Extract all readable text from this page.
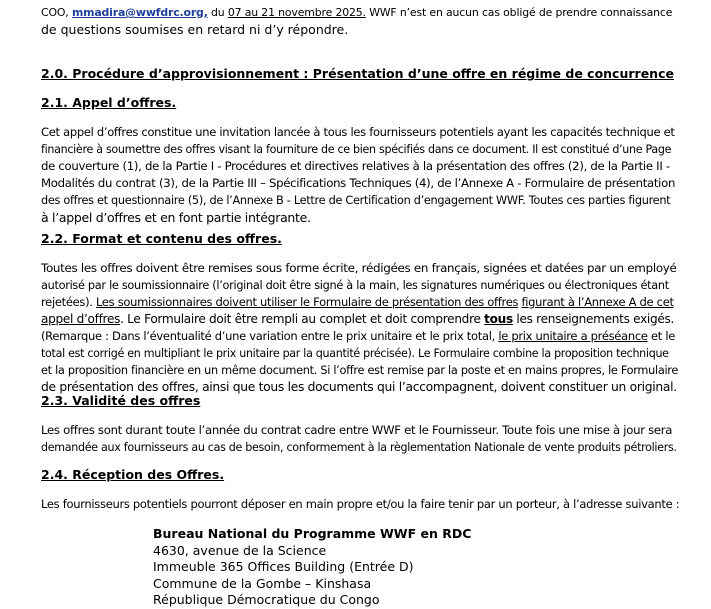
COO, mmadira@wwfdrc.org, du 07 au 21 novembre 2025. WWF n’est en aucun cas obligé de prendre connaissance
de questions soumises en retard ni d’y répondre.

2.0. Procédure d’approvisionnement : Présentation d’une offre en régime de concurrence

2.1. Appel d’offres.

Cet appel d’offres constitue une invitation lancée à tous les fournisseurs potentiels ayant les capacités technique et
financière à soumettre des offres visant la fourniture de ce bien spécifiés dans ce document. Il est constitué d’une Page
de couverture (1), de la Partie I - Procédures et directives relatives à la présentation des offres (2), de la Partie II -
Modalités du contrat (3), de la Partie III – Spécifications Techniques (4), de l’Annexe A - Formulaire de présentation
des offres et questionnaire (5), de l’Annexe B - Lettre de Certification d’engagement WWF. Toutes ces parties figurent
à l’appel d’offres et en font partie intégrante.

2.2. Format et contenu des offres.

Toutes les offres doivent être remises sous forme écrite, rédigées en français, signées et datées par un employé
autorisé par le soumissionnaire (l’original doit être signé à la main, les signatures numériques ou électroniques étant
rejetées). Les soumissionnaires doivent utiliser le Formulaire de présentation des offres figurant à l’Annexe A de cet
appel d’offres. Le Formulaire doit être rempli au complet et doit comprendre tous les renseignements exigés.
(Remarque : Dans l’éventualité d’une variation entre le prix unitaire et le prix total, le prix unitaire a préséance et le
total est corrigé en multipliant le prix unitaire par la quantité précisée). Le Formulaire combine la proposition technique
et la proposition financière en un même document. Si l’offre est remise par la poste et en mains propres, le Formulaire
de présentation des offres, ainsi que tous les documents qui l’accompagnent, doivent constituer un original.

2.3. Validité des offres

Les offres sont durant toute l’année du contrat cadre entre WWF et le Fournisseur. Toute fois une mise à jour sera
demandée aux fournisseurs au cas de besoin, conformement à la règlementation Nationale de vente produits pétroliers.

2.4. Réception des Offres.

Les fournisseurs potentiels pourront déposer en main propre et/ou la faire tenir par un porteur, à l’adresse suivante :

Bureau National du Programme WWF en RDC
4630, avenue de la Science
Immeuble 365 Offices Building (Entrée D)
Commune de la Gombe – Kinshasa
République Démocratique du Congo
